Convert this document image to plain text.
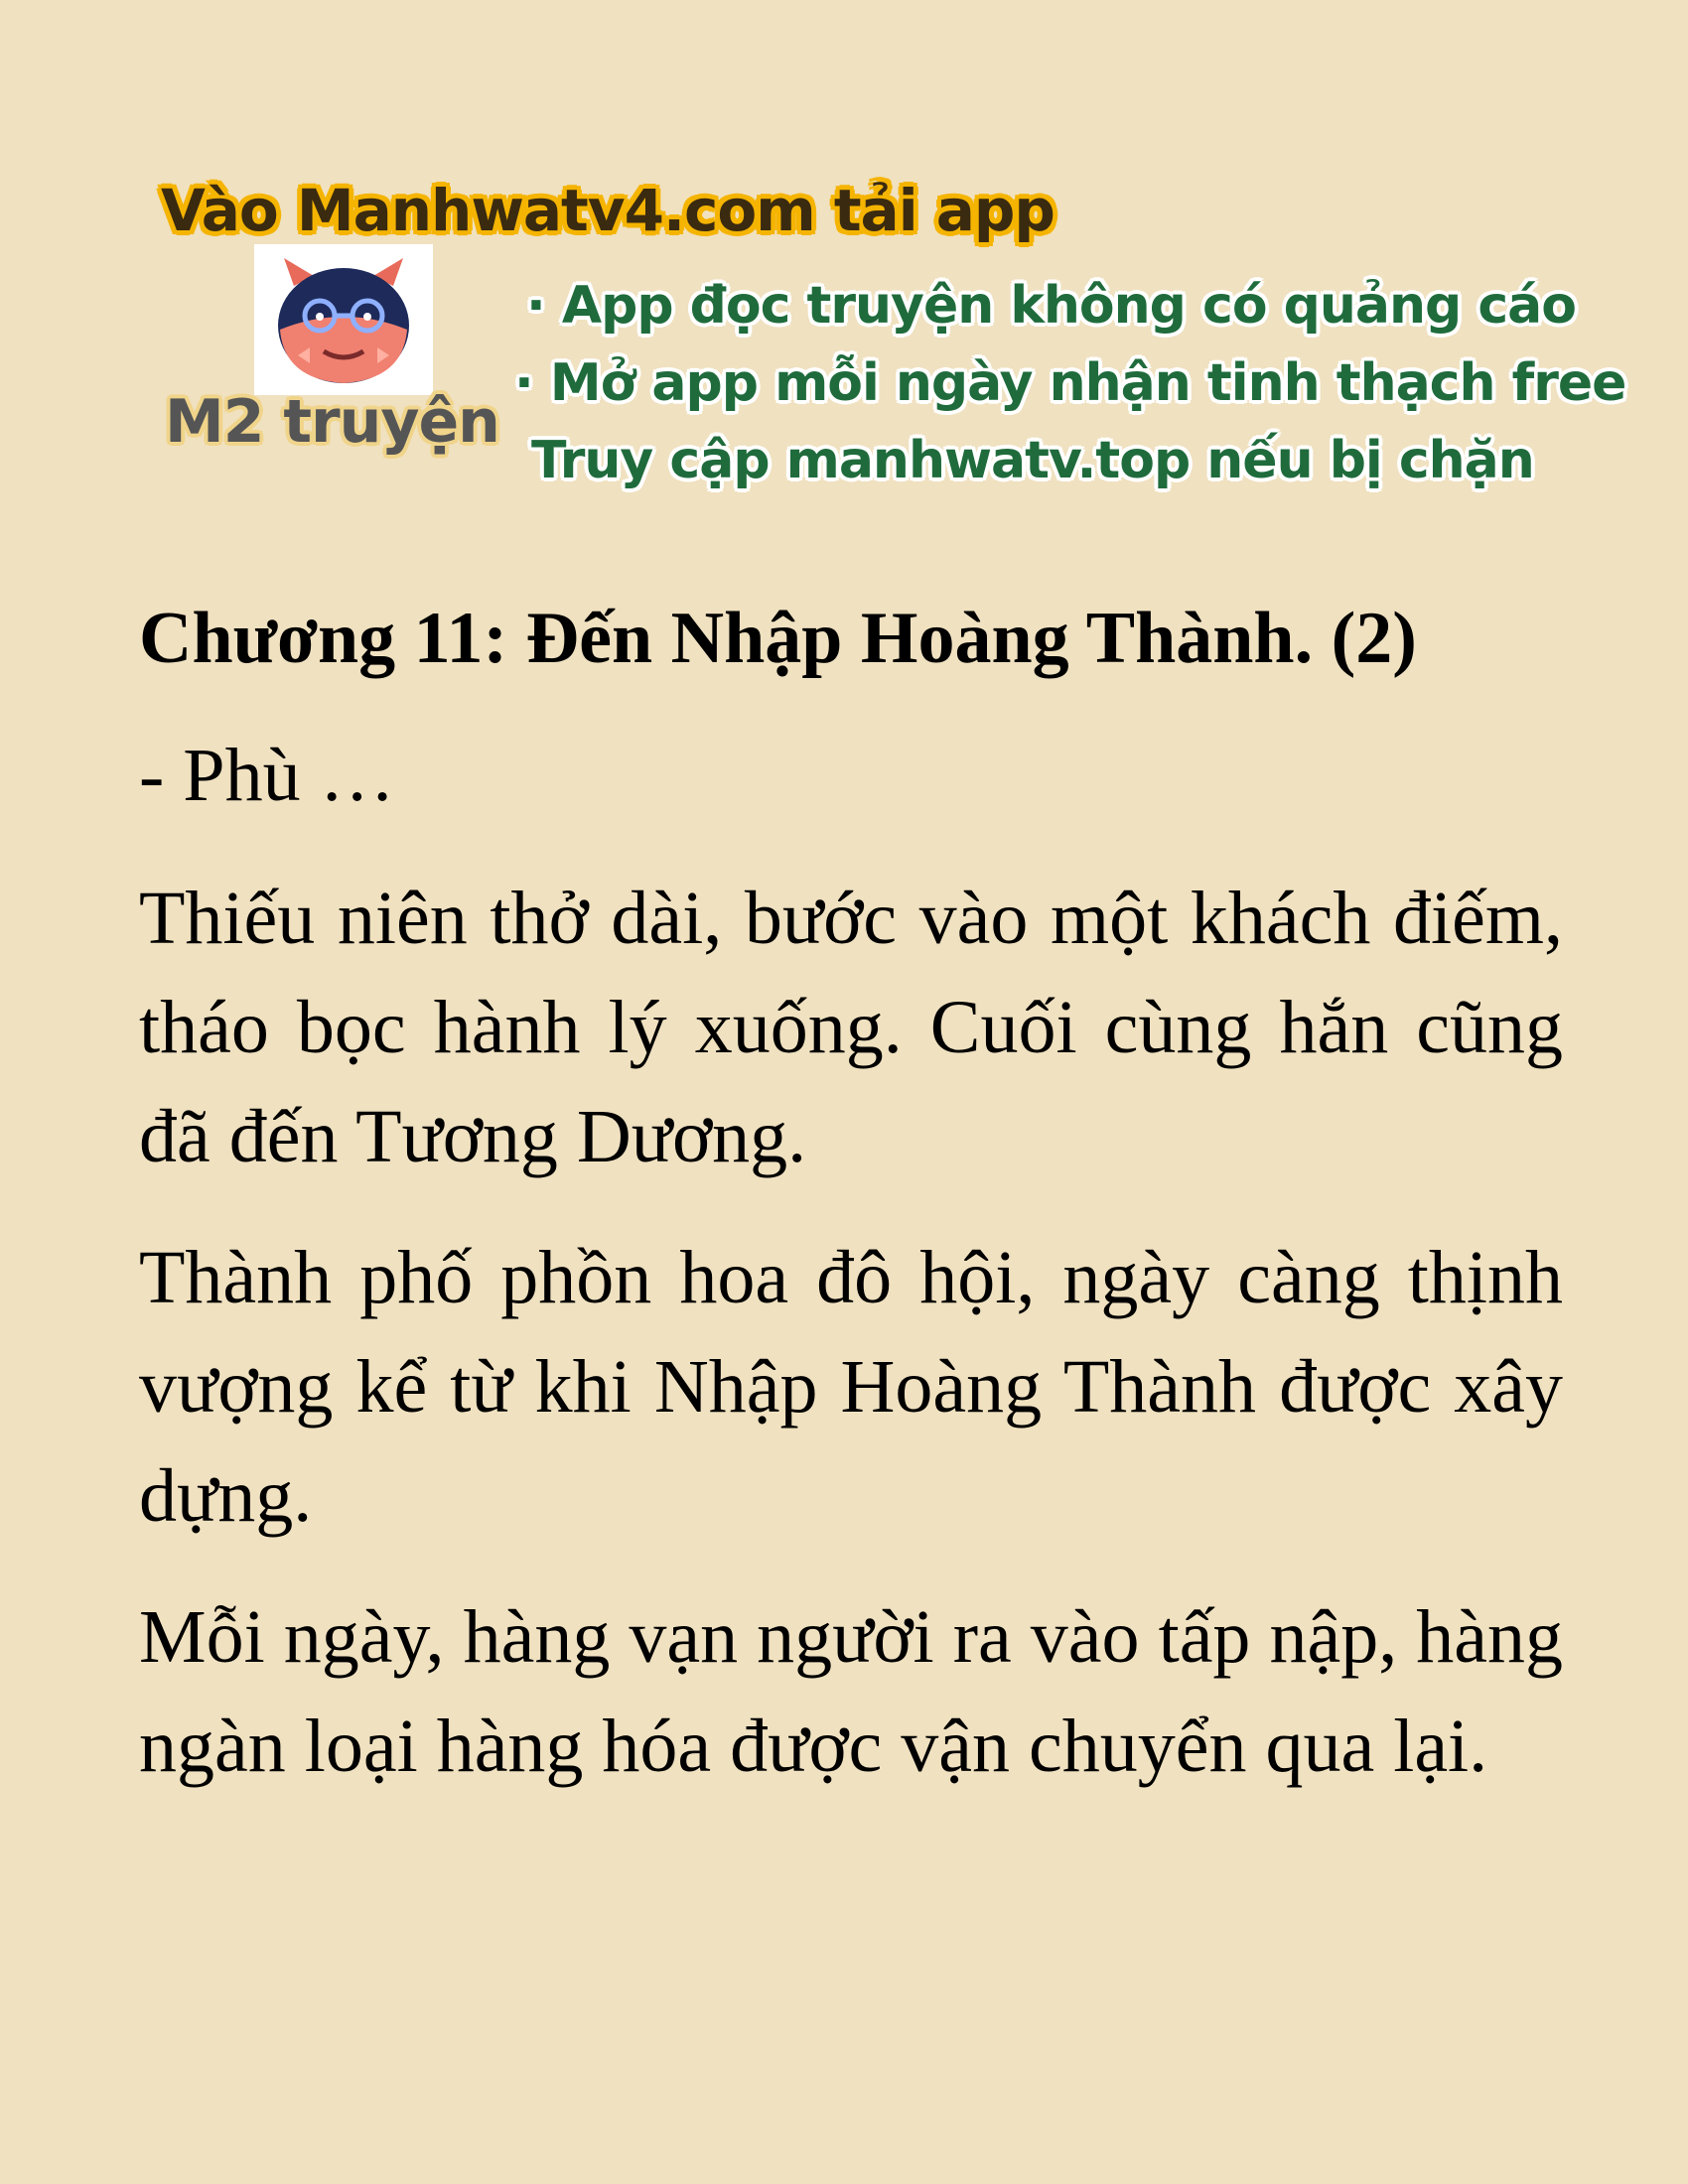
Vào Manhwatv4.com tải app
M2 truyện
· App đọc truyện không có quảng cáo
· Mở app mỗi ngày nhận tinh thạch free
Truy cập manhwatv.top nếu bị chặn
Chương 11: Đến Nhập Hoàng Thành. (2)

- Phù …

Thiếu niên thở dài, bước vào một khách điếm, tháo bọc hành lý xuống. Cuối cùng hắn cũng đã đến Tương Dương.

Thành phố phồn hoa đô hội, ngày càng thịnh vượng kể từ khi Nhập Hoàng Thành được xây dựng.

Mỗi ngày, hàng vạn người ra vào tấp nập, hàng ngàn loại hàng hóa được vận chuyển qua lại.
